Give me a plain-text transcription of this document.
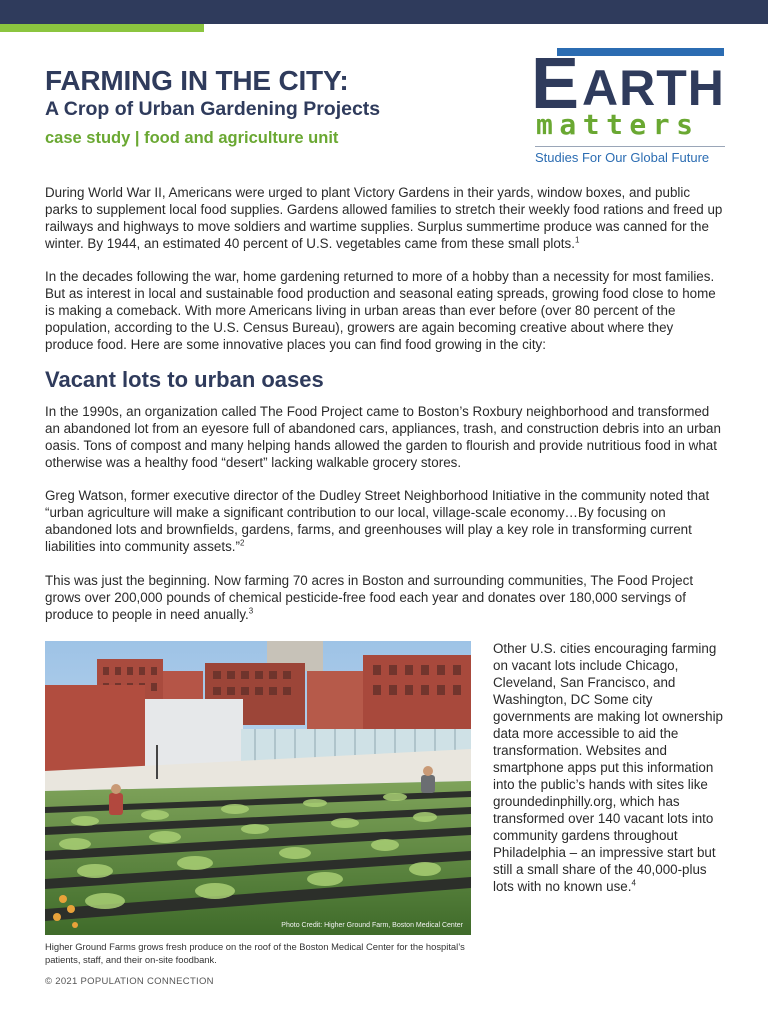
FARMING IN THE CITY:
A Crop of Urban Gardening Projects
case study | food and agriculture unit
E ARTH
matters
Studies For Our Global Future

During World War II, Americans were urged to plant Victory Gardens in their yards, window boxes, and public parks to supplement local food supplies. Gardens allowed families to stretch their weekly food rations and freed up railways and highways to move soldiers and wartime supplies. Surplus summertime produce was canned for the winter. By 1944, an estimated 40 percent of U.S. vegetables came from these small plots.$^1$

In the decades following the war, home gardening returned to more of a hobby than a necessity for most families. But as interest in local and sustainable food production and seasonal eating spreads, growing food close to home is making a comeback. With more Americans living in urban areas than ever before (over 80 percent of the population, according to the U.S. Census Bureau), growers are again becoming creative about where they produce food. Here are some innovative places you can find food growing in the city:

Vacant lots to urban oases

In the 1990s, an organization called The Food Project came to Boston’s Roxbury neighborhood and transformed an abandoned lot from an eyesore full of abandoned cars, appliances, trash, and construction debris into an urban oasis. Tons of compost and many helping hands allowed the garden to flourish and provide nutritious food in what otherwise was a healthy food “desert” lacking walkable grocery stores.

Greg Watson, former executive director of the Dudley Street Neighborhood Initiative in the community noted that “urban agriculture will make a significant contribution to our local, village-scale economy…By focusing on abandoned lots and brownfields, gardens, farms, and greenhouses will play a key role in transforming current liabilities into community assets.”$^2$

This was just the beginning. Now farming 70 acres in Boston and surrounding communities, The Food Project grows over 200,000 pounds of chemical pesticide-free food each year and donates over 180,000 servings of produce to people in need anually.$^3$

Photo Credit: Higher Ground Farm, Boston Medical Center

Higher Ground Farms grows fresh produce on the roof of the Boston Medical Center for the hospital’s patients, staff, and their on-site foodbank.

Other U.S. cities encouraging farming on vacant lots include Chicago, Cleveland, San Francisco, and Washington, DC Some city governments are making lot ownership data more accessible to aid the transformation. Websites and smartphone apps put this information into the public’s hands with sites like groundedinphilly.org, which has transformed over 140 vacant lots into community gardens throughout Philadelphia – an impressive start but still a small share of the 40,000-plus lots with no known use.$^4$

© 2021 POPULATION CONNECTION
